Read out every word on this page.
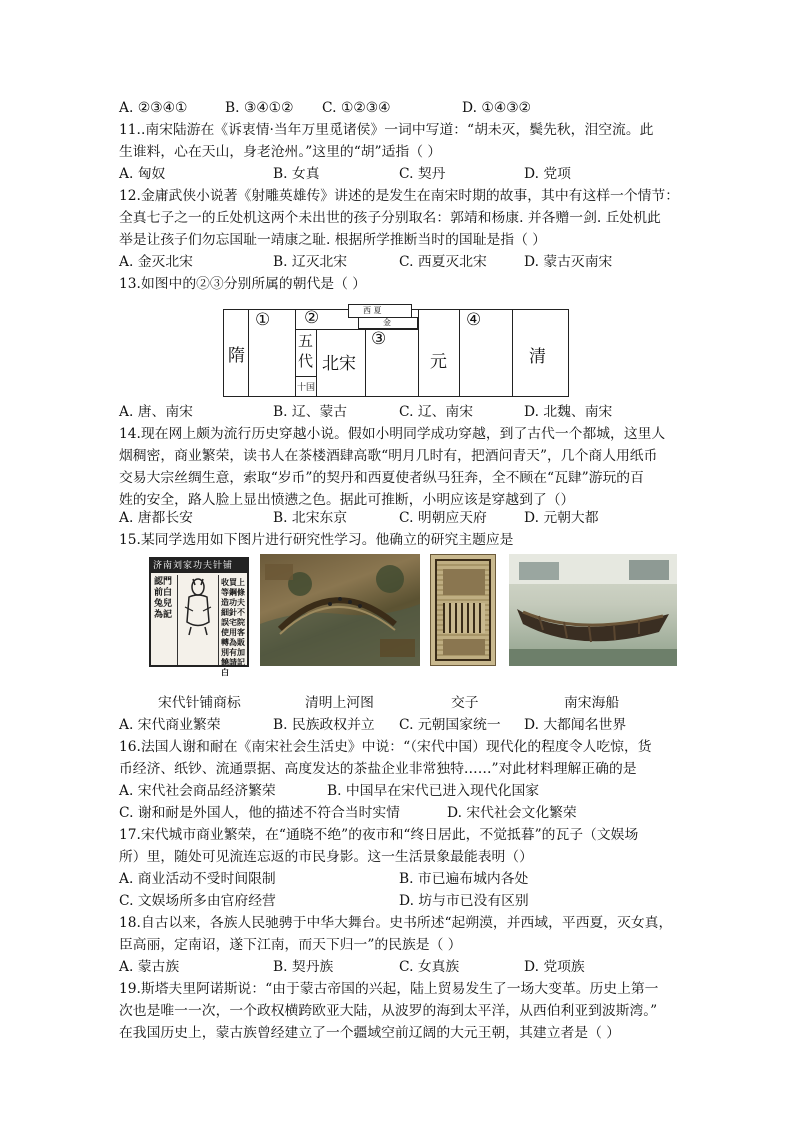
A. ②③④①	B. ③④①② C. ①②③④	D. ①④③②
11..南宋陆游在《诉衷情·当年万里觅诸侯》一词中写道：“胡未灭，鬓先秋，泪空流。此
生谁料，心在天山，身老沧州。”这里的“胡”适指（ ）
A. 匈奴	B. 女真	C. 契丹	D. 党项
12.金庸武侠小说著《射雕英雄传》讲述的是发生在南宋时期的故事，其中有这样一个情节：
全真七子之一的丘处机这两个未出世的孩子分别取名：郭靖和杨康. 并各赠一剑. 丘处机此
举是让孩子们勿忘国耻一靖康之耻. 根据所学推断当时的国耻是指（ ）
A. 金灭北宋	B. 辽灭北宋	C. 西夏灭北宋	D. 蒙古灭南宋
13.如图中的②③分别所属的朝代是（ ）
隋
①
五代
十国
②
北宋
西 夏
金
③
元
④
清
A. 唐、南宋	B. 辽、蒙古	C. 辽、南宋	D. 北魏、南宋
14.现在网上颇为流行历史穿越小说。假如小明同学成功穿越，到了古代一个都城，这里人
烟稠密，商业繁荣，读书人在茶楼酒肆高歌“明月几时有，把酒问青天”，几个商人用纸币
交易大宗丝绸生意，索取“岁币”的契丹和西夏使者纵马狂奔，全不顾在“瓦肆”游玩的百
姓的安全，路人脸上显出愤懑之色。据此可推断，小明应该是穿越到了（）
A. 唐都长安	B. 北宋东京	C. 明朝应天府	D. 元朝大都
15.某同学选用如下图片进行研究性学习。他确立的研究主题应是
济南刘家功夫针铺
認門前白兔兒為記
收買上等鋼條造功夫細針不誤宅院使用客轉為販別有加饒請記白
宋代针铺商标	清明上河图	交子	南宋海船
A. 宋代商业繁荣	B. 民族政权并立 C. 元朝国家统一 D. 大都闻名世界
16.法国人谢和耐在《南宋社会生活史》中说：“（宋代中国）现代化的程度令人吃惊，货
币经济、纸钞、流通票据、高度发达的茶盐企业非常独特……”对此材料理解正确的是
A. 宋代社会商品经济繁荣	B. 中国早在宋代已进入现代化国家
C. 谢和耐是外国人，他的描述不符合当时实情	D. 宋代社会文化繁荣
17.宋代城市商业繁荣，在“通晓不绝”的夜市和“终日居此，不觉抵暮”的瓦子（文娱场
所）里，随处可见流连忘返的市民身影。这一生活景象最能表明（）
A. 商业活动不受时间限制	B. 市已遍布城内各处
C. 文娱场所多由官府经营	D. 坊与市已没有区别
18.自古以来，各族人民驰骋于中华大舞台。史书所述“起朔漠，并西域，平西夏，灭女真，
臣高丽，定南诏，遂下江南，而天下归一”的民族是（ ）
A. 蒙古族	B. 契丹族	C. 女真族	D. 党项族
19.斯塔夫里阿诺斯说：“由于蒙古帝国的兴起，陆上贸易发生了一场大变革。历史上第一
次也是唯一一次，一个政权横跨欧亚大陆，从波罗的海到太平洋，从西伯利亚到波斯湾。”
在我国历史上，蒙古族曾经建立了一个疆域空前辽阔的大元王朝，其建立者是（ ）
